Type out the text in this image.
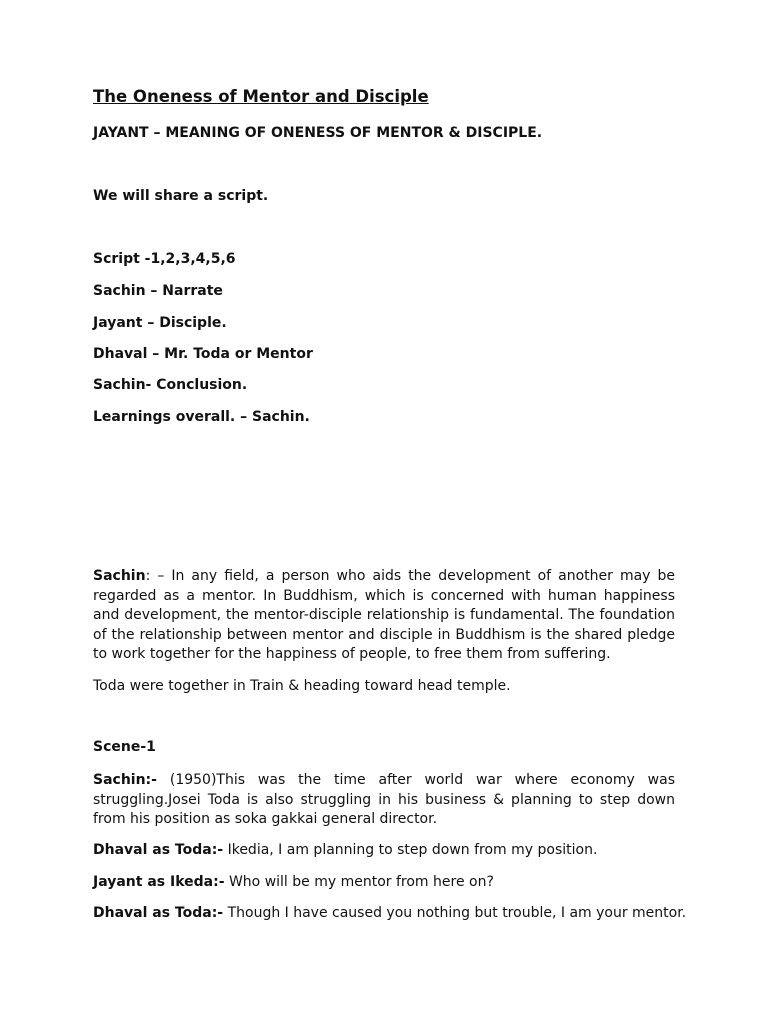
The Oneness of Mentor and Disciple
JAYANT – MEANING OF ONENESS OF MENTOR & DISCIPLE.
We will share a script.
Script -1,2,3,4,5,6
Sachin – Narrate
Jayant – Disciple.
Dhaval – Mr. Toda or Mentor
Sachin- Conclusion.
Learnings overall. – Sachin.
Sachin: – In any field, a person who aids the development of another may be regarded as a mentor. In Buddhism, which is concerned with human happiness and development, the mentor-disciple relationship is fundamental. The foundation of the relationship between mentor and disciple in Buddhism is the shared pledge to work together for the happiness of people, to free them from suffering.
Toda were together in Train & heading toward head temple.
Scene-1
Sachin:- (1950)This was the time after world war where economy was struggling.Josei Toda is also struggling in his business & planning to step down from his position as soka gakkai general director.
Dhaval as Toda:- Ikedia, I am planning to step down from my position.
Jayant as Ikeda:- Who will be my mentor from here on?
Dhaval as Toda:- Though I have caused you nothing but trouble, I am your mentor.
